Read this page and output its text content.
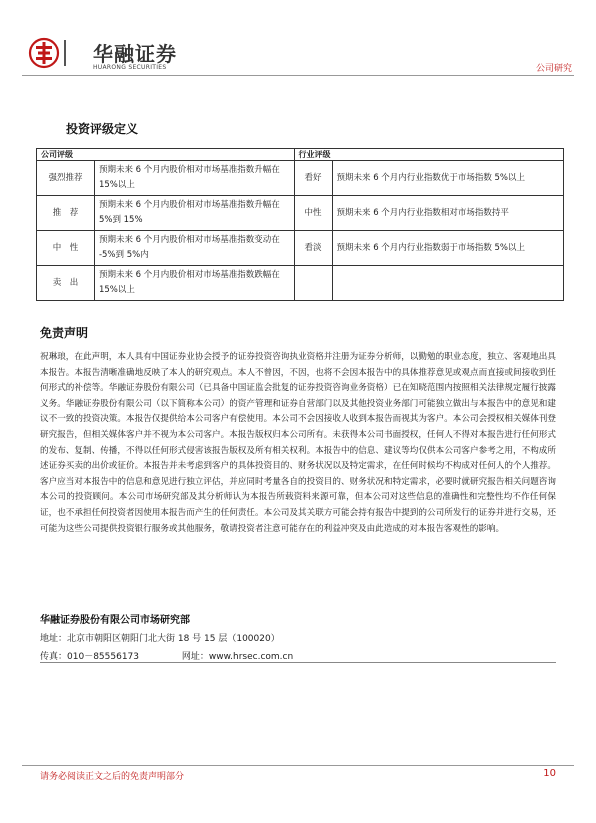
华融证券
HUARONG SECURITIES	公司研究
投资评级定义
公司评级		行业评级	
强烈推荐	预期未来 6 个月内股价相对市场基准指数升幅在 15%以上	看好	预期未来 6 个月内行业指数优于市场指数 5%以上
推　荐	预期未来 6 个月内股价相对市场基准指数升幅在 5%到 15%	中性	预期未来 6 个月内行业指数相对市场指数持平
中　性	预期未来 6 个月内股价相对市场基准指数变动在 -5%到 5%内	看淡	预期未来 6 个月内行业指数弱于市场指数 5%以上
卖　出	预期未来 6 个月内股价相对市场基准指数跌幅在 15%以上		
免责声明
祝琳琅，在此声明，本人具有中国证券业协会授予的证券投资咨询执业资格并注册为证券分析师，以勤勉的职业态度，独立、客观地出具本报告。本报告清晰准确地反映了本人的研究观点。本人不曾因，不因，也将不会因本报告中的具体推荐意见或观点而直接或间接收到任何形式的补偿等。华融证券股份有限公司（已具备中国证监会批复的证券投资咨询业务资格）已在知晓范围内按照相关法律规定履行披露义务。华融证券股份有限公司（以下简称本公司）的资产管理和证券自营部门以及其他投资业务部门可能独立做出与本报告中的意见和建议不一致的投资决策。本报告仅提供给本公司客户有偿使用。本公司不会因接收人收到本报告而视其为客户。本公司会授权相关媒体刊登研究报告，但相关媒体客户并不视为本公司客户。本报告版权归本公司所有。未获得本公司书面授权，任何人不得对本报告进行任何形式的发布、复制、传播，不得以任何形式侵害该报告版权及所有相关权利。本报告中的信息、建议等均仅供本公司客户参考之用，不构成所述证券买卖的出价或征价。本报告并未考虑到客户的具体投资目的、财务状况以及特定需求，在任何时候均不构成对任何人的个人推荐。客户应当对本报告中的信息和意见进行独立评估，并应同时考量各自的投资目的、财务状况和特定需求，必要时就研究报告相关问题咨询本公司的投资顾问。本公司市场研究部及其分析师认为本报告所载资料来源可靠，但本公司对这些信息的准确性和完整性均不作任何保证，也不承担任何投资者因使用本报告而产生的任何责任。本公司及其关联方可能会持有报告中提到的公司所发行的证券并进行交易，还可能为这些公司提供投资银行服务或其他服务，敬请投资者注意可能存在的利益冲突及由此造成的对本报告客观性的影响。
华融证券股份有限公司市场研究部
地址：北京市朝阳区朝阳门北大街 18 号 15 层（100020）
传真：010－85556173	网址：www.hrsec.com.cn
请务必阅读正文之后的免责声明部分	10
